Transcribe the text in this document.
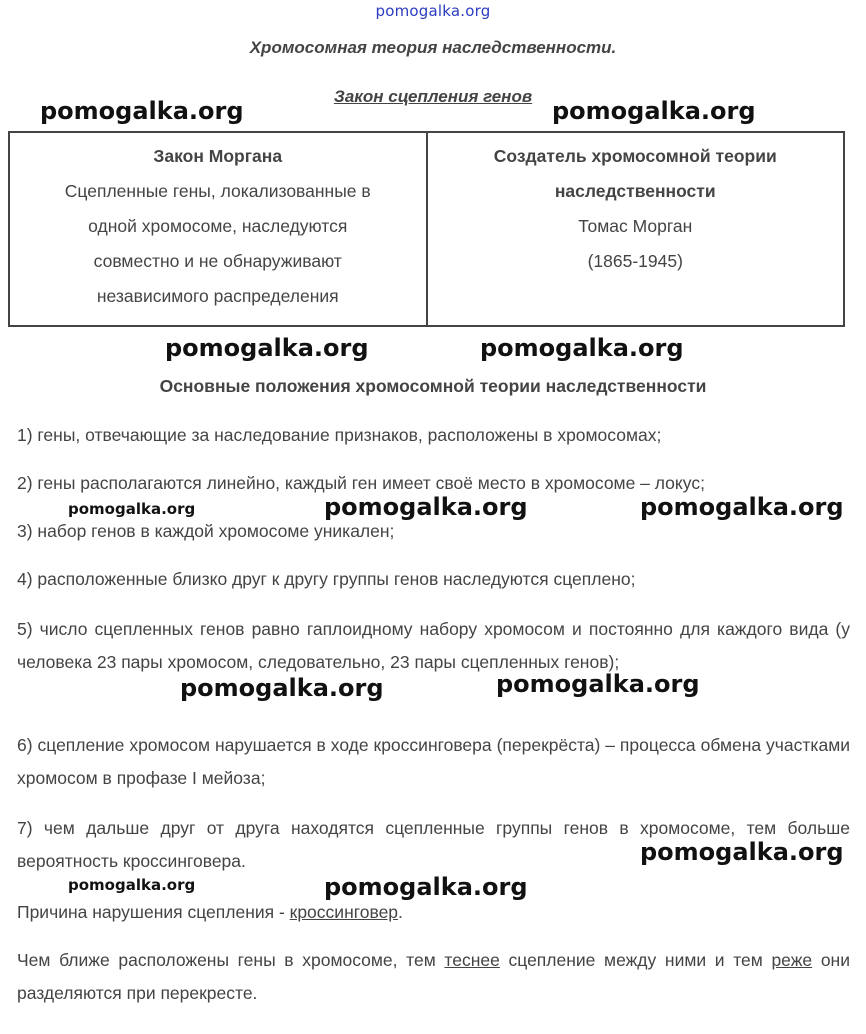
pomogalka.org
Хромосомная теория наследственности.
Закон сцепления генов
Закон Моргана
Сцепленные гены, локализованные в
одной хромосоме, наследуются
совместно и не обнаруживают
независимого распределения
Создатель хромосомной теории
наследственности
Томас Морган
(1865-1945)
Основные положения хромосомной теории наследственности
1) гены, отвечающие за наследование признаков, расположены в хромосомах;
2) гены располагаются линейно, каждый ген имеет своё место в хромосоме – локус;
3) набор генов в каждой хромосоме уникален;
4) расположенные близко друг к другу группы генов наследуются сцеплено;
5) число сцепленных генов равно гаплоидному набору хромосом и постоянно для каждого вида (у человека 23 пары хромосом, следовательно, 23 пары сцепленных генов);
6) сцепление хромосом нарушается в ходе кроссинговера (перекрёста) – процесса обмена участками хромосом в профазе I мейоза;
7) чем дальше друг от друга находятся сцепленные группы генов в хромосоме, тем больше вероятность кроссинговера.
Причина нарушения сцепления - кроссинговер.
Чем ближе расположены гены в хромосоме, тем теснее сцепление между ними и тем реже они разделяются при перекресте.
pomogalka.org	pomogalka.org
pomogalka.org	pomogalka.org
pomogalka.org	pomogalka.org	pomogalka.org
pomogalka.org	pomogalka.org
pomogalka.org
pomogalka.org	pomogalka.org
